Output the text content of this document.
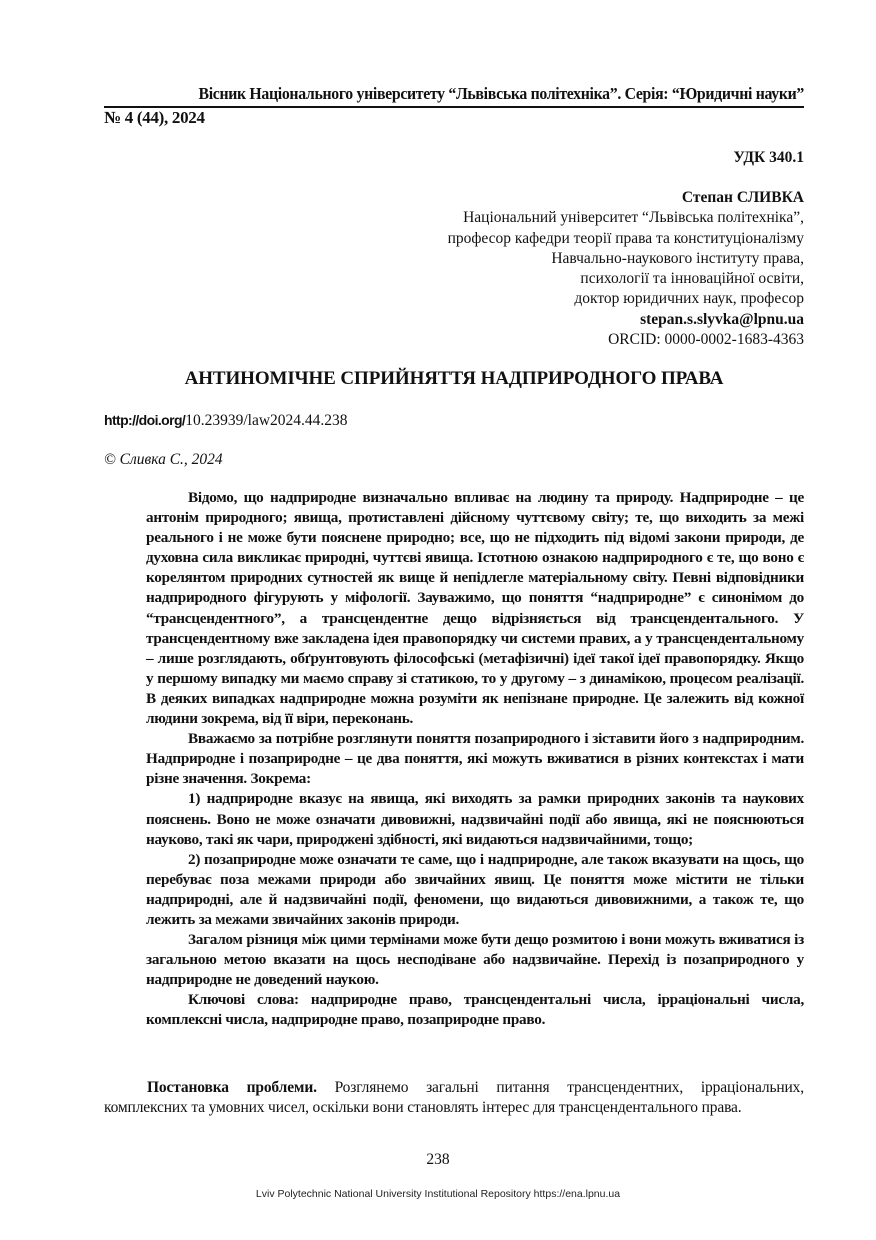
Вісник Національного університету “Львівська політехніка”. Серія: “Юридичні науки”
№ 4 (44), 2024
УДК 340.1
Степан СЛИВКА
Національний університет “Львівська політехніка”,
професор кафедри теорії права та конституціоналізму
Навчально-наукового інституту права,
психології та інноваційної освіти,
доктор юридичних наук, професор
stepan.s.slyvka@lpnu.ua
ORCID: 0000-0002-1683-4363
АНТИНОМІЧНЕ СПРИЙНЯТТЯ НАДПРИРОДНОГО ПРАВА
http://doi.org/10.23939/law2024.44.238
© Сливка С., 2024

Відомо, що надприродне визначально впливає на людину та природу. Надприродне – це антонім природного; явища, протиставлені дійсному чуттєвому світу; те, що виходить за межі реального і не може бути пояснене природно; все, що не підходить під відомі закони природи, де духовна сила викликає природні, чуттєві явища. Істотною ознакою надприродного є те, що воно є корелянтом природних сутностей як вище й непідлегле матеріальному світу. Певні відповідники надприродного фігурують у міфології. Зауважимо, що поняття “надприродне” є синонімом до “трансцендентного”, а трансцендентне дещо відрізняється від трансцендентального. У трансцендентному вже закладена ідея правопорядку чи системи правих, а у трансцендентальному – лише розглядають, обґрунтовують філософські (метафізичні) ідеї такої ідеї правопорядку. Якщо у першому випадку ми маємо справу зі статикою, то у другому – з динамікою, процесом реалізації. В деяких випадках надприродне можна розуміти як непізнане природне. Це залежить від кожної людини зокрема, від її віри, переконань.

Вважаємо за потрібне розглянути поняття позаприродного і зіставити його з надприродним. Надприродне і позаприродне – це два поняття, які можуть вживатися в різних контекстах і мати різне значення. Зокрема:

1) надприродне вказує на явища, які виходять за рамки природних законів та наукових пояснень. Воно не може означати дивовижні, надзвичайні події або явища, які не пояснюються науково, такі як чари, природжені здібності, які видаються надзвичайними, тощо;

2) позаприродне може означати те саме, що і надприродне, але також вказувати на щось, що перебуває поза межами природи або звичайних явищ. Це поняття може містити не тільки надприродні, але й надзвичайні події, феномени, що видаються дивовижними, а також те, що лежить за межами звичайних законів природи.

Загалом різниця між цими термінами може бути дещо розмитою і вони можуть вживатися із загальною метою вказати на щось несподіване або надзвичайне. Перехід із позаприродного у надприродне не доведений наукою.

Ключові слова: надприродне право, трансцендентальні числа, ірраціональні числа, комплексні числа, надприродне право, позаприродне право.

Постановка проблеми. Розглянемо загальні питання трансцендентних, ірраціональних, комплексних та умовних чисел, оскільки вони становлять інтерес для трансцендентального права.

238
Lviv Polytechnic National University Institutional Repository https://ena.lpnu.ua
